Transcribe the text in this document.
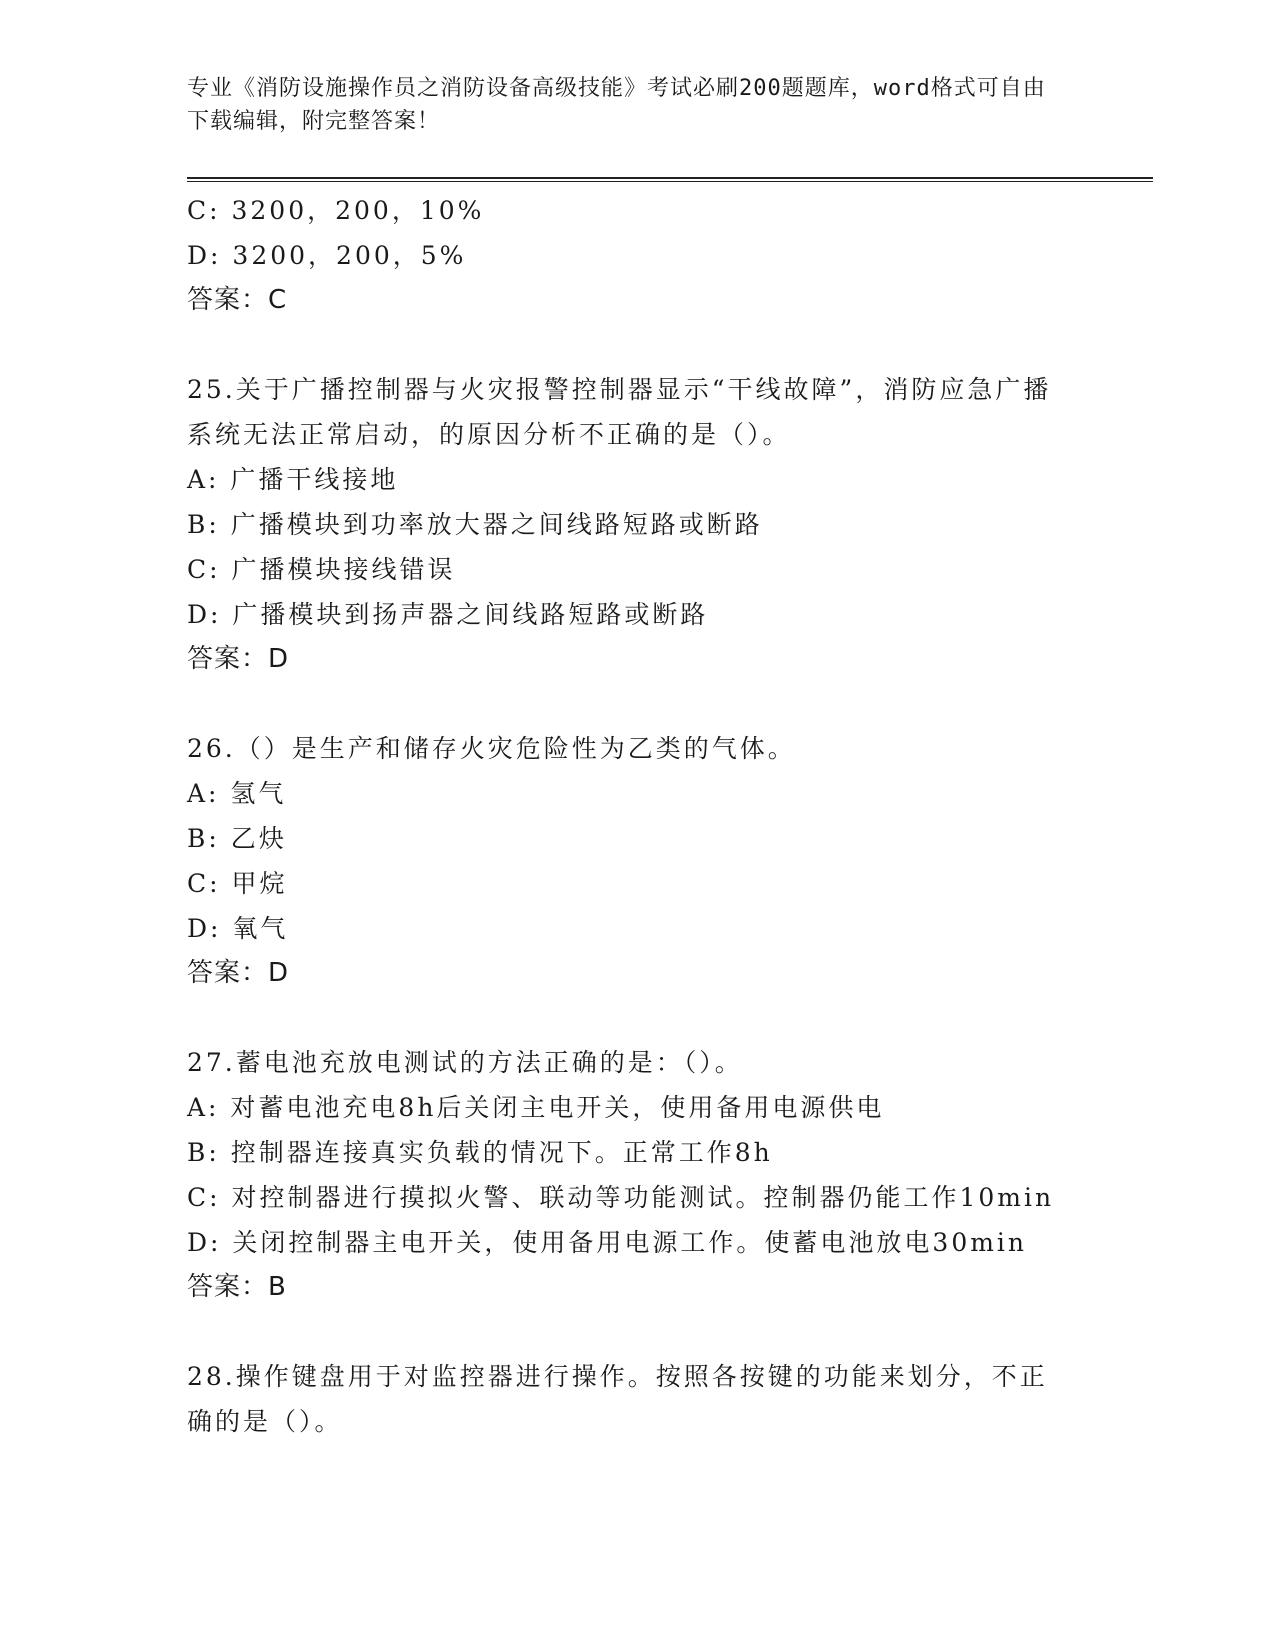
专业《消防设施操作员之消防设备高级技能》考试必刷200题题库，word格式可自由下载编辑，附完整答案！
C: 3200，200，10%
D: 3200，200，5%
答案：C
25.关于广播控制器与火灾报警控制器显示“干线故障”，消防应急广播系统无法正常启动，的原因分析不正确的是（）。
A: 广播干线接地
B: 广播模块到功率放大器之间线路短路或断路
C: 广播模块接线错误
D: 广播模块到扬声器之间线路短路或断路
答案：D
26.（）是生产和储存火灾危险性为乙类的气体。
A: 氢气
B: 乙炔
C: 甲烷
D: 氧气
答案：D
27.蓄电池充放电测试的方法正确的是：（）。
A: 对蓄电池充电8h后关闭主电开关，使用备用电源供电
B: 控制器连接真实负载的情况下。正常工作8h
C: 对控制器进行摸拟火警、联动等功能测试。控制器仍能工作10min
D: 关闭控制器主电开关，使用备用电源工作。使蓄电池放电30min
答案：B
28.操作键盘用于对监控器进行操作。按照各按键的功能来划分，不正确的是（）。
